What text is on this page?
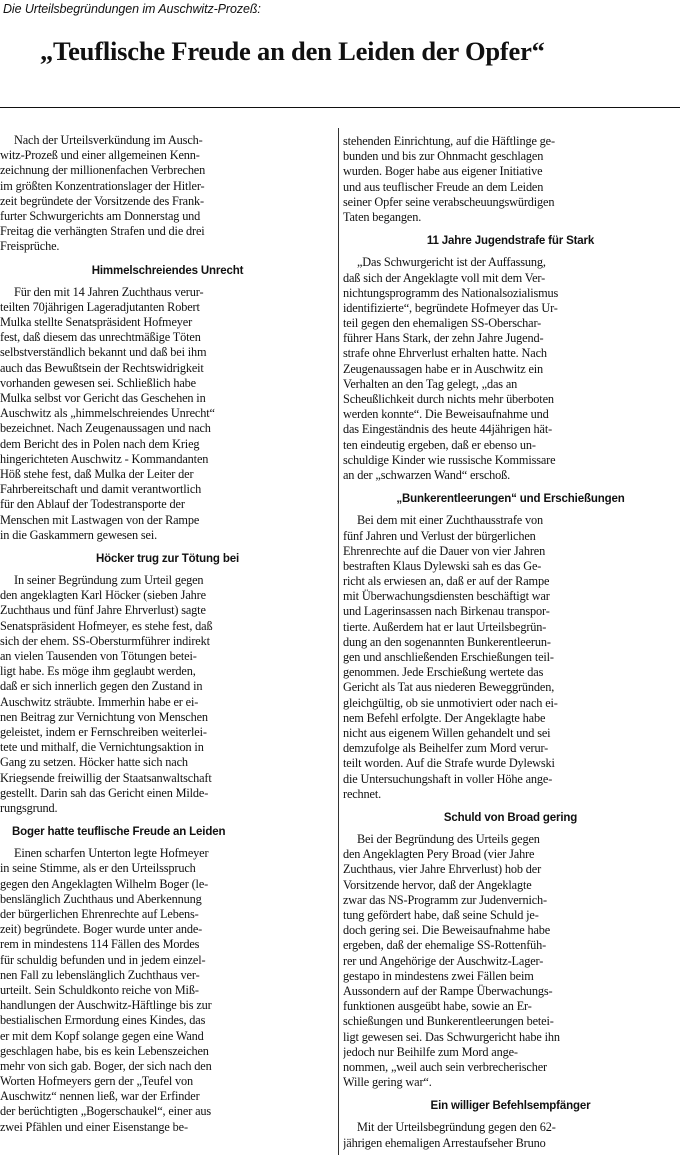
Die Urteilsbegründungen im Auschwitz-Prozeß:
„Teuflische Freude an den Leiden der Opfer“
Nach der Urteilsverkündung im Ausch-
witz-Prozeß und einer allgemeinen Kenn-
zeichnung der millionenfachen Verbrechen
im größten Konzentrationslager der Hitler-
zeit begründete der Vorsitzende des Frank-
furter Schwurgerichts am Donnerstag und
Freitag die verhängten Strafen und die drei
Freisprüche.
Himmelschreiendes Unrecht
Für den mit 14 Jahren Zuchthaus verur-
teilten 70jährigen Lageradjutanten Robert
Mulka stellte Senatspräsident Hofmeyer
fest, daß diesem das unrechtmäßige Töten
selbstverständlich bekannt und daß bei ihm
auch das Bewußtsein der Rechtswidrigkeit
vorhanden gewesen sei. Schließlich habe
Mulka selbst vor Gericht das Geschehen in
Auschwitz als „himmelschreiendes Unrecht“
bezeichnet. Nach Zeugenaussagen und nach
dem Bericht des in Polen nach dem Krieg
hingerichteten Auschwitz - Kommandanten
Höß stehe fest, daß Mulka der Leiter der
Fahrbereitschaft und damit verantwortlich
für den Ablauf der Todestransporte der
Menschen mit Lastwagen von der Rampe
in die Gaskammern gewesen sei.
Höcker trug zur Tötung bei
In seiner Begründung zum Urteil gegen
den angeklagten Karl Höcker (sieben Jahre
Zuchthaus und fünf Jahre Ehrverlust) sagte
Senatspräsident Hofmeyer, es stehe fest, daß
sich der ehem. SS-Obersturmführer indirekt
an vielen Tausenden von Tötungen betei-
ligt habe. Es möge ihm geglaubt werden,
daß er sich innerlich gegen den Zustand in
Auschwitz sträubte. Immerhin habe er ei-
nen Beitrag zur Vernichtung von Menschen
geleistet, indem er Fernschreiben weiterlei-
tete und mithalf, die Vernichtungsaktion in
Gang zu setzen. Höcker hatte sich nach
Kriegsende freiwillig der Staatsanwaltschaft
gestellt. Darin sah das Gericht einen Milde-
rungsgrund.
Boger hatte teuflische Freude an Leiden
Einen scharfen Unterton legte Hofmeyer
in seine Stimme, als er den Urteilsspruch
gegen den Angeklagten Wilhelm Boger (le-
benslänglich Zuchthaus und Aberkennung
der bürgerlichen Ehrenrechte auf Lebens-
zeit) begründete. Boger wurde unter ande-
rem in mindestens 114 Fällen des Mordes
für schuldig befunden und in jedem einzel-
nen Fall zu lebenslänglich Zuchthaus ver-
urteilt. Sein Schuldkonto reiche von Miß-
handlungen der Auschwitz-Häftlinge bis zur
bestialischen Ermordung eines Kindes, das
er mit dem Kopf solange gegen eine Wand
geschlagen habe, bis es kein Lebenszeichen
mehr von sich gab. Boger, der sich nach den
Worten Hofmeyers gern der „Teufel von
Auschwitz“ nennen ließ, war der Erfinder
der berüchtigten „Bogerschaukel“, einer aus
zwei Pfählen und einer Eisenstange be-
stehenden Einrichtung, auf die Häftlinge ge-
bunden und bis zur Ohnmacht geschlagen
wurden. Boger habe aus eigener Initiative
und aus teuflischer Freude an dem Leiden
seiner Opfer seine verabscheuungswürdigen
Taten begangen.
11 Jahre Jugendstrafe für Stark
„Das Schwurgericht ist der Auffassung,
daß sich der Angeklagte voll mit dem Ver-
nichtungsprogramm des Nationalsozialismus
identifizierte“, begründete Hofmeyer das Ur-
teil gegen den ehemaligen SS-Oberschar-
führer Hans Stark, der zehn Jahre Jugend-
strafe ohne Ehrverlust erhalten hatte. Nach
Zeugenaussagen habe er in Auschwitz ein
Verhalten an den Tag gelegt, „das an
Scheußlichkeit durch nichts mehr überboten
werden konnte“. Die Beweisaufnahme und
das Eingeständnis des heute 44jährigen hät-
ten eindeutig ergeben, daß er ebenso un-
schuldige Kinder wie russische Kommissare
an der „schwarzen Wand“ erschoß.
„Bunkerentleerungen“ und Erschießungen
Bei dem mit einer Zuchthausstrafe von
fünf Jahren und Verlust der bürgerlichen
Ehrenrechte auf die Dauer von vier Jahren
bestraften Klaus Dylewski sah es das Ge-
richt als erwiesen an, daß er auf der Rampe
mit Überwachungsdiensten beschäftigt war
und Lagerinsassen nach Birkenau transpor-
tierte. Außerdem hat er laut Urteilsbegrün-
dung an den sogenannten Bunkerentleerun-
gen und anschließenden Erschießungen teil-
genommen. Jede Erschießung wertete das
Gericht als Tat aus niederen Beweggründen,
gleichgültig, ob sie unmotiviert oder nach ei-
nem Befehl erfolgte. Der Angeklagte habe
nicht aus eigenem Willen gehandelt und sei
demzufolge als Beihelfer zum Mord verur-
teilt worden. Auf die Strafe wurde Dylewski
die Untersuchungshaft in voller Höhe ange-
rechnet.
Schuld von Broad gering
Bei der Begründung des Urteils gegen
den Angeklagten Pery Broad (vier Jahre
Zuchthaus, vier Jahre Ehrverlust) hob der
Vorsitzende hervor, daß der Angeklagte
zwar das NS-Programm zur Judenvernich-
tung gefördert habe, daß seine Schuld je-
doch gering sei. Die Beweisaufnahme habe
ergeben, daß der ehemalige SS-Rottenfüh-
rer und Angehörige der Auschwitz-Lager-
gestapo in mindestens zwei Fällen beim
Aussondern auf der Rampe Überwachungs-
funktionen ausgeübt habe, sowie an Er-
schießungen und Bunkerentleerungen betei-
ligt gewesen sei. Das Schwurgericht habe ihn
jedoch nur Beihilfe zum Mord ange-
nommen, „weil auch sein verbrecherischer
Wille gering war“.
Ein williger Befehlsempfänger
Mit der Urteilsbegründung gegen den 62-
jährigen ehemaligen Arrestaufseher Bruno
